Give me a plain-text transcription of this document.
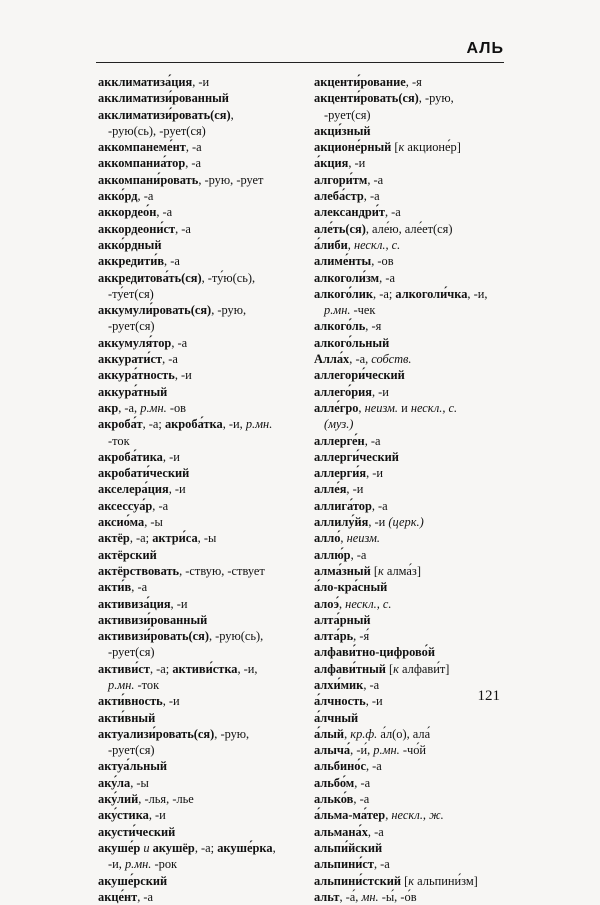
АЛЬ
акклиматиза́ция, -и
акклиматизи́рованный
акклиматизи́ровать(ся),
-рую(сь), -рует(ся)
аккомпанеме́нт, -а
аккомпаниа́тор, -а
аккомпани́ровать, -рую, -рует
акко́рд, -а
аккордео́н, -а
аккордеони́ст, -а
акко́рдный
аккредити́в, -а
аккредитова́ть(ся), -ту́ю(сь),
-ту́ет(ся)
аккумули́ровать(ся), -рую,
-рует(ся)
аккумуля́тор, -а
аккурати́ст, -а
аккура́тность, -и
аккура́тный
акр, -а, р.мн. -ов
акроба́т, -а; акроба́тка, -и, р.мн.
-ток
акроба́тика, -и
акробати́ческий
акселера́ция, -и
аксессуа́р, -а
аксио́ма, -ы
актёр, -а; актри́са, -ы
актёрский
актёрствовать, -ствую, -ствует
акти́в, -а
активиза́ция, -и
активизи́рованный
активизи́ровать(ся), -рую(сь),
-рует(ся)
активи́ст, -а; активи́стка, -и,
р.мн. -ток
акти́вность, -и
акти́вный
актуализи́ровать(ся), -рую,
-рует(ся)
актуа́льный
аку́ла, -ы
аку́лий, -лья, -лье
аку́стика, -и
акусти́ческий
акуше́р и акушёр, -а; акуше́рка,
-и, р.мн. -рок
акуше́рский
акце́нт, -а
акценти́рование, -я
акценти́ровать(ся), -рую,
-рует(ся)
акци́зный
акционе́рный [к акционе́р]
а́кция, -и
алгори́тм, -а
алеба́стр, -а
александри́т, -а
але́ть(ся), але́ю, але́ет(ся)
а́либи, нескл., с.
алиме́нты, -ов
алкоголи́зм, -а
алкого́лик, -а; алкоголи́чка, -и,
р.мн. -чек
алкого́ль, -я
алкого́льный
Алла́х, -а, собств.
аллегори́ческий
аллего́рия, -и
алле́гро, неизм. и нескл., с.
(муз.)
аллерге́н, -а
аллерги́ческий
аллерги́я, -и
алле́я, -и
аллига́тор, -а
аллилу́йя, -и (церк.)
алло́, неизм.
аллю́р, -а
алма́зный [к алма́з]
а́ло-кра́сный
алоэ́, нескл., с.
алта́рный
алта́рь, -я́
алфави́тно-цифрово́й
алфави́тный [к алфави́т]
алхи́мик, -а
а́лчность, -и
а́лчный
а́лый, кр.ф. а́л(о), ала́
алыча́, -и́, р.мн. -чо́й
альбино́с, -а
альбо́м, -а
алько́в, -а
а́льма-ма́тер, нескл., ж.
альмана́х, -а
альпи́йский
альпини́ст, -а
альпини́стский [к альпини́зм]
альт, -а́, мн. -ы́, -о́в
121
